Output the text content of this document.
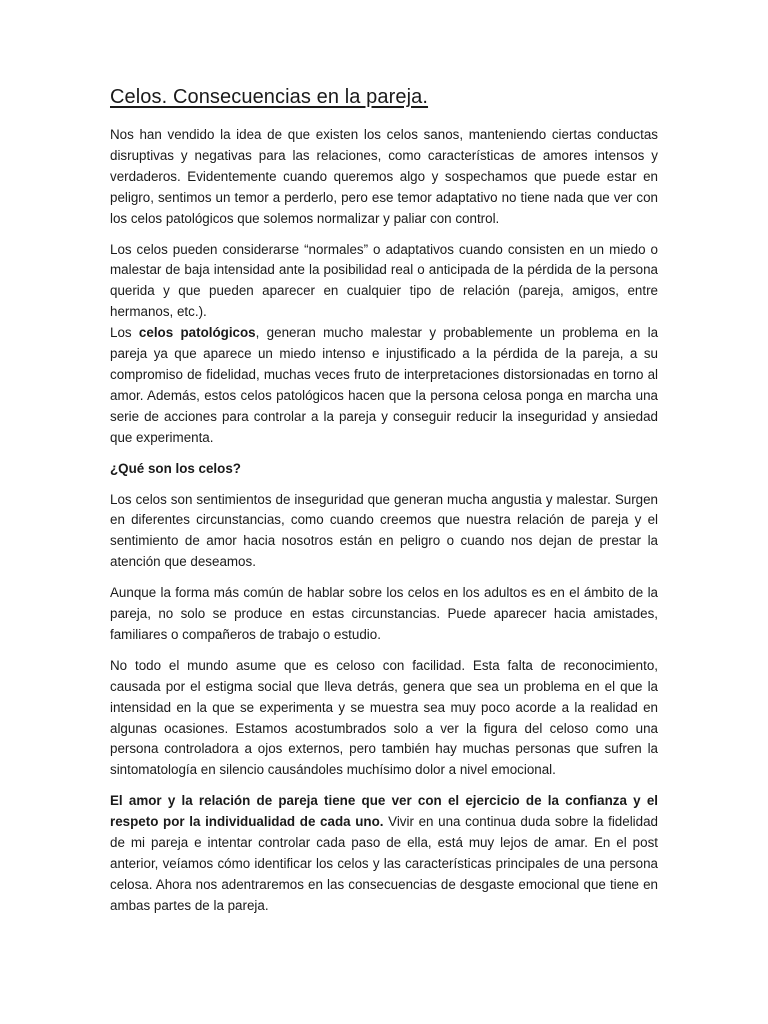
Celos. Consecuencias en la pareja.

Nos han vendido la idea de que existen los celos sanos, manteniendo ciertas conductas disruptivas y negativas para las relaciones, como características de amores intensos y verdaderos. Evidentemente cuando queremos algo y sospechamos que puede estar en peligro, sentimos un temor a perderlo, pero ese temor adaptativo no tiene nada que ver con los celos patológicos que solemos normalizar y paliar con control.

Los celos pueden considerarse “normales” o adaptativos cuando consisten en un miedo o malestar de baja intensidad ante la posibilidad real o anticipada de la pérdida de la persona querida y que pueden aparecer en cualquier tipo de relación (pareja, amigos, entre hermanos, etc.).

Los celos patológicos, generan mucho malestar y probablemente un problema en la pareja ya que aparece un miedo intenso e injustificado a la pérdida de la pareja, a su compromiso de fidelidad, muchas veces fruto de interpretaciones distorsionadas en torno al amor. Además, estos celos patológicos hacen que la persona celosa ponga en marcha una serie de acciones para controlar a la pareja y conseguir reducir la inseguridad y ansiedad que experimenta.

¿Qué son los celos?

Los celos son sentimientos de inseguridad que generan mucha angustia y malestar. Surgen en diferentes circunstancias, como cuando creemos que nuestra relación de pareja y el sentimiento de amor hacia nosotros están en peligro o cuando nos dejan de prestar la atención que deseamos.

Aunque la forma más común de hablar sobre los celos en los adultos es en el ámbito de la pareja, no solo se produce en estas circunstancias. Puede aparecer hacia amistades, familiares o compañeros de trabajo o estudio.

No todo el mundo asume que es celoso con facilidad. Esta falta de reconocimiento, causada por el estigma social que lleva detrás, genera que sea un problema en el que la intensidad en la que se experimenta y se muestra sea muy poco acorde a la realidad en algunas ocasiones. Estamos acostumbrados solo a ver la figura del celoso como una persona controladora a ojos externos, pero también hay muchas personas que sufren la sintomatología en silencio causándoles muchísimo dolor a nivel emocional.

El amor y la relación de pareja tiene que ver con el ejercicio de la confianza y el respeto por la individualidad de cada uno. Vivir en una continua duda sobre la fidelidad de mi pareja e intentar controlar cada paso de ella, está muy lejos de amar. En el post anterior, veíamos cómo identificar los celos y las características principales de una persona celosa. Ahora nos adentraremos en las consecuencias de desgaste emocional que tiene en ambas partes de la pareja.
